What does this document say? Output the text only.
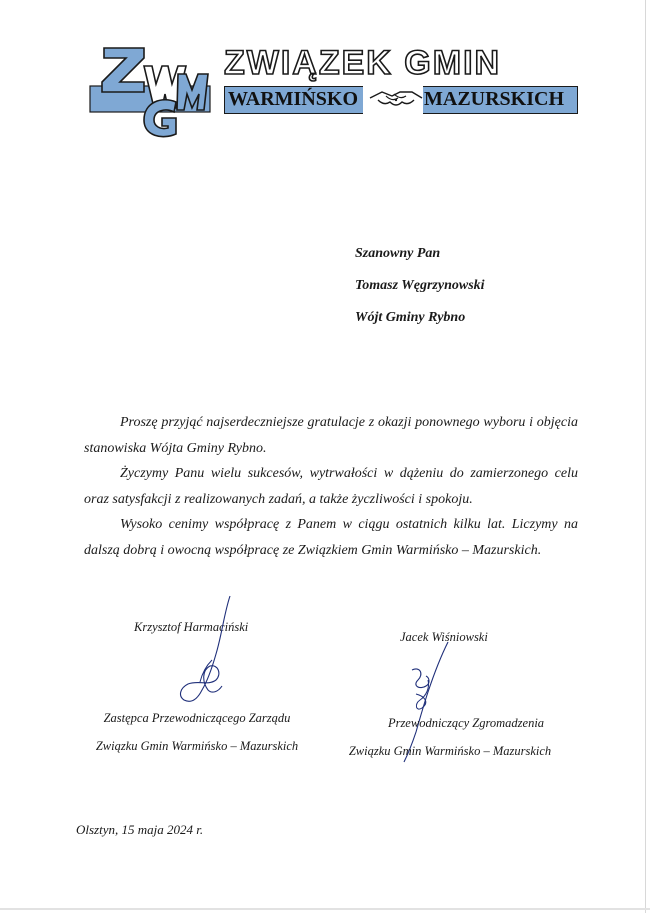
ZWIĄZEK GMIN
WARMIŃSKO	MAZURSKICH
Szanowny Pan
Tomasz Węgrzynowski
Wójt Gminy Rybno

Proszę przyjąć najserdeczniejsze gratulacje z okazji ponownego wyboru i objęcia stanowiska Wójta Gminy Rybno.

Życzymy Panu wielu sukcesów, wytrwałości w dążeniu do zamierzonego celu oraz satysfakcji z realizowanych zadań, a także życzliwości i spokoju.

Wysoko cenimy współpracę z Panem w ciągu ostatnich kilku lat. Liczymy na dalszą dobrą i owocną współpracę ze Związkiem Gmin Warmińsko – Mazurskich.

Krzysztof Harmaciński
Zastępca Przewodniczącego Zarządu
Związku Gmin Warmińsko – Mazurskich
Jacek Wiśniowski
Przewodniczący Zgromadzenia
Związku Gmin Warmińsko – Mazurskich
Olsztyn, 15 maja 2024 r.
